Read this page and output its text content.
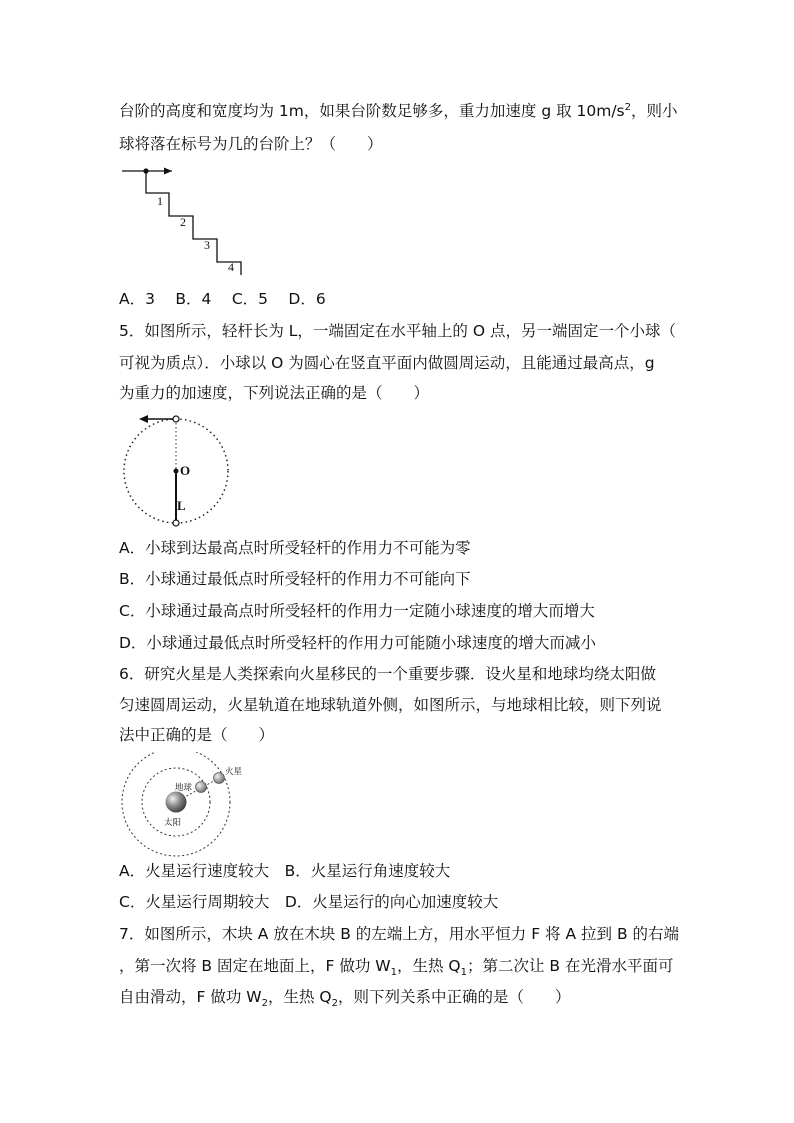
台阶的高度和宽度均为 1m，如果台阶数足够多，重力加速度 g 取 $10m/s^2$，则小
球将落在标号为几的台阶上？（　　）
1
2
3
4
A．3　 B．4　 C．5　 D．6
5．如图所示，轻杆长为 L，一端固定在水平轴上的 O 点，另一端固定一个小球（
可视为质点）．小球以 O 为圆心在竖直平面内做圆周运动，且能通过最高点，g
为重力的加速度，下列说法正确的是（　　）
O
L
A．小球到达最高点时所受轻杆的作用力不可能为零
B．小球通过最低点时所受轻杆的作用力不可能向下
C．小球通过最高点时所受轻杆的作用力一定随小球速度的增大而增大
D．小球通过最低点时所受轻杆的作用力可能随小球速度的增大而减小
6．研究火星是人类探索向火星移民的一个重要步骤．设火星和地球均绕太阳做
匀速圆周运动，火星轨道在地球轨道外侧，如图所示，与地球相比较，则下列说
法中正确的是（　　）
火星
地球
太阳
A．火星运行速度较大　B．火星运行角速度较大
C．火星运行周期较大　D．火星运行的向心加速度较大
7．如图所示，木块 A 放在木块 B 的左端上方，用水平恒力 F 将 A 拉到 B 的右端
，第一次将 B 固定在地面上，F 做功 $W_1$，生热 $Q_1$；第二次让 B 在光滑水平面可
自由滑动，F 做功 $W_2$，生热 $Q_2$，则下列关系中正确的是（　　）
